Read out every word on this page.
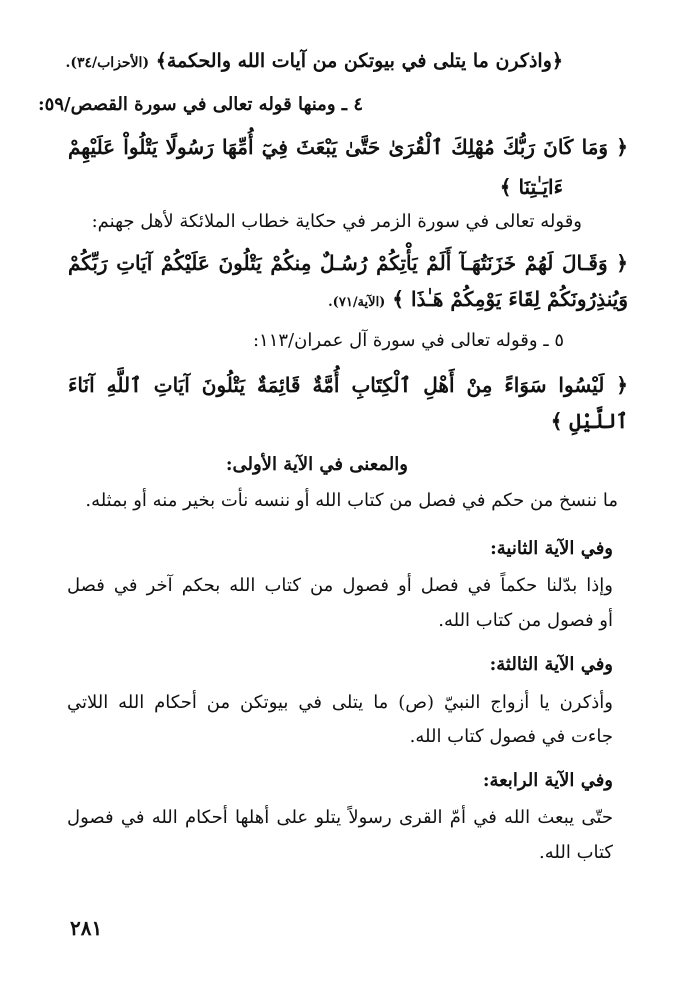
﴿واذكرن ما يتلى في بيوتكن من آيات الله والحكمة﴾ (الأحزاب/٣٤).
٤ ـ ومنها قوله تعالى في سورة القصص/٥٩:
﴿ وَمَا كَانَ رَبُّكَ مُهْلِكَ ٱلْقُرَىٰ حَتَّىٰ يَبْعَثَ فِيٓ أُمِّهَا رَسُولًا يَتْلُواْ عَلَيْهِمْ
ءَايَـٰتِنَا ﴾
وقوله تعالى في سورة الزمر في حكاية خطاب الملائكة لأهل جهنم:
﴿ وَقَـالَ لَهُمْ خَزَنَتُهَـآ أَلَمْ يَأْتِكُمْ رُسُـلٌ مِنكُمْ يَتْلُونَ عَلَيْكُمْ آيَاتِ رَبِّكُمْ
وَيُنذِرُونَكُمْ لِقَاءَ يَوْمِكُمْ هَـٰذَا ﴾ (الآية/٧١).
٥ ـ وقوله تعالى في سورة آل عمران/١١٣:
﴿ لَيْسُوا سَوَاءً مِنْ أَهْلِ ٱلْكِتَابِ أُمَّةٌ قَائِمَةٌ يَتْلُونَ آيَاتِ ٱللَّهِ آنَاءَ
ٱللَّيْلِ ﴾
والمعنى في الآية الأولى:
ما ننسخ من حكم في فصل من كتاب الله أو ننسه نأت بخير منه أو بمثله.
وفي الآية الثانية:
وإذا بدّلنا حكماً في فصل أو فصول من كتاب الله بحكم آخر في فصل
أو فصول من كتاب الله.
وفي الآية الثالثة:
وأذكرن يا أزواج النبيّ (ص) ما يتلى في بيوتكن من أحكام الله اللاتي
جاءت في فصول كتاب الله.
وفي الآية الرابعة:
حتّى يبعث الله في أمّ القرى رسولاً يتلو على أهلها أحكام الله في فصول
كتاب الله.
٢٨١
